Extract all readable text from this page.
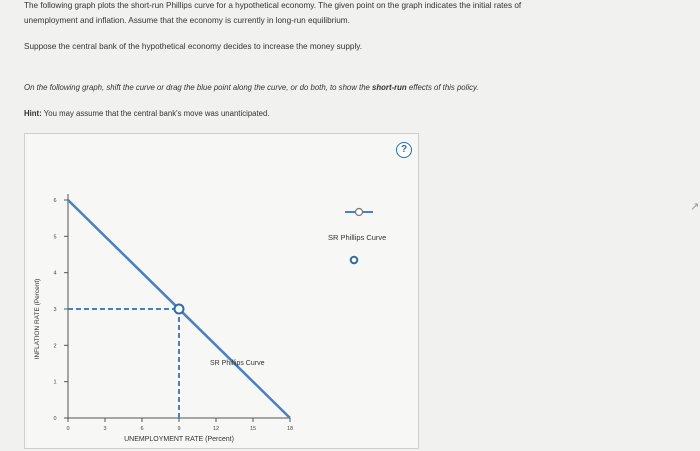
The following graph plots the short-run Phillips curve for a hypothetical economy. The given point on the graph indicates the initial rates of
unemployment and inflation. Assume that the economy is currently in long-run equilibrium.
Suppose the central bank of the hypothetical economy decides to increase the money supply.
On the following graph, shift the curve or drag the blue point along the curve, or do both, to show the short-run effects of this policy.
Hint: You may assume that the central bank's move was unanticipated.
0	3	6	9	12	15	18
0
1
2
3
4
5
6
UNEMPLOYMENT RATE (Percent)
INFLATION RATE (Percent)
SR Phillips Curve
SR Phillips Curve
?
↗
